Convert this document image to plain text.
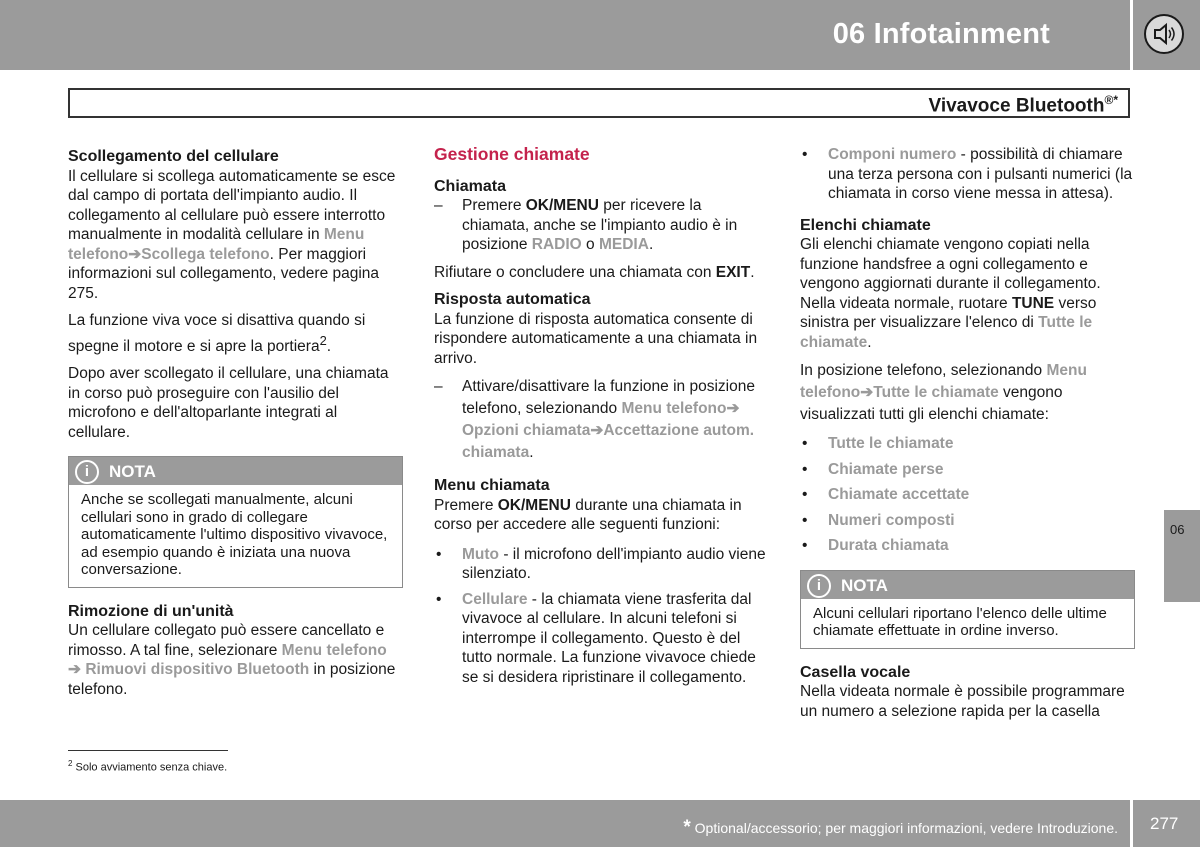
06 Infotainment
Vivavoce Bluetooth®*
Scollegamento del cellulare

Il cellulare si scollega automaticamente se esce dal campo di portata dell'impianto audio. Il collegamento al cellulare può essere interrotto manualmente in modalità cellulare in Menu telefono➔Scollega telefono. Per maggiori informazioni sul collegamento, vedere pagina 275.

La funzione viva voce si disattiva quando si spegne il motore e si apre la portiera$^2$.

Dopo aver scollegato il cellulare, una chiamata in corso può proseguire con l'ausilio del microfono e dell'altoparlante integrati al cellulare.

i	NOTA
Anche se scollegati manualmente, alcuni cellulari sono in grado di collegare automaticamente l'ultimo dispositivo vivavoce, ad esempio quando è iniziata una nuova conversazione.
Rimozione di un'unità

Un cellulare collegato può essere cancellato e rimosso. A tal fine, selezionare Menu telefono
➔ Rimuovi dispositivo Bluetooth in posizione telefono.

Gestione chiamate
Chiamata
– Premere OK/MENU per ricevere la chiamata, anche se l'impianto audio è in posizione RADIO o MEDIA.

Rifiutare o concludere una chiamata con EXIT.

Risposta automatica

La funzione di risposta automatica consente di rispondere automaticamente a una chiamata in arrivo.

– Attivare/disattivare la funzione in posizione telefono, selezionando Menu telefono➔ Opzioni chiamata➔Accettazione autom. chiamata.
Menu chiamata

Premere OK/MENU durante una chiamata in corso per accedere alle seguenti funzioni:

• Muto - il microfono dell'impianto audio viene silenziato.
• Cellulare - la chiamata viene trasferita dal vivavoce al cellulare. In alcuni telefoni si interrompe il collegamento. Questo è del tutto normale. La funzione vivavoce chiede se si desidera ripristinare il collegamento.
• Componi numero - possibilità di chiamare una terza persona con i pulsanti numerici (la chiamata in corso viene messa in attesa).
Elenchi chiamate

Gli elenchi chiamate vengono copiati nella funzione handsfree a ogni collegamento e vengono aggiornati durante il collegamento. Nella videata normale, ruotare TUNE verso sinistra per visualizzare l'elenco di Tutte le chiamate.

In posizione telefono, selezionando Menu telefono➔Tutte le chiamate vengono visualizzati tutti gli elenchi chiamate:

• Tutte le chiamate
• Chiamate perse
• Chiamate accettate
• Numeri composti
• Durata chiamata
i	NOTA
Alcuni cellulari riportano l'elenco delle ultime chiamate effettuate in ordine inverso.
Casella vocale

Nella videata normale è possibile programmare un numero a selezione rapida per la casella

06
$^2$ Solo avviamento senza chiave.
* Optional/accessorio; per maggiori informazioni, vedere Introduzione. 277
